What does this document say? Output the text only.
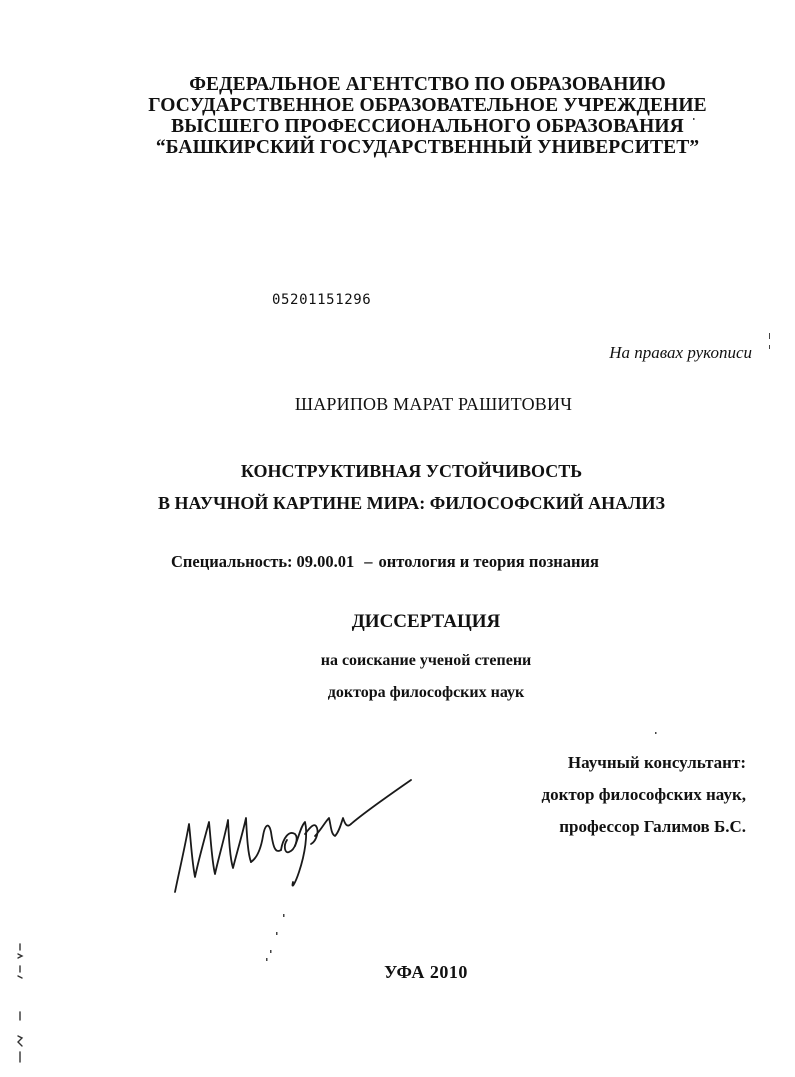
ФЕДЕРАЛЬНОЕ АГЕНТСТВО ПО ОБРАЗОВАНИЮ
ГОСУДАРСТВЕННОЕ ОБРАЗОВАТЕЛЬНОЕ УЧРЕЖДЕНИЕ
ВЫСШЕГО ПРОФЕССИОНАЛЬНОГО ОБРАЗОВАНИЯ
“БАШКИРСКИЙ ГОСУДАРСТВЕННЫЙ УНИВЕРСИТЕТ”
05201151296
На правах рукописи
ШАРИПОВ МАРАТ РАШИТОВИЧ
КОНСТРУКТИВНАЯ УСТОЙЧИВОСТЬ
В НАУЧНОЙ КАРТИНЕ МИРА: ФИЛОСОФСКИЙ АНАЛИЗ
Специальность: 09.00.01 – онтология и теория познания
ДИССЕРТАЦИЯ
на соискание ученой степени
доктора философских наук
Научный консультант:
доктор философских наук,
профессор Галимов Б.С.
УФА 2010
